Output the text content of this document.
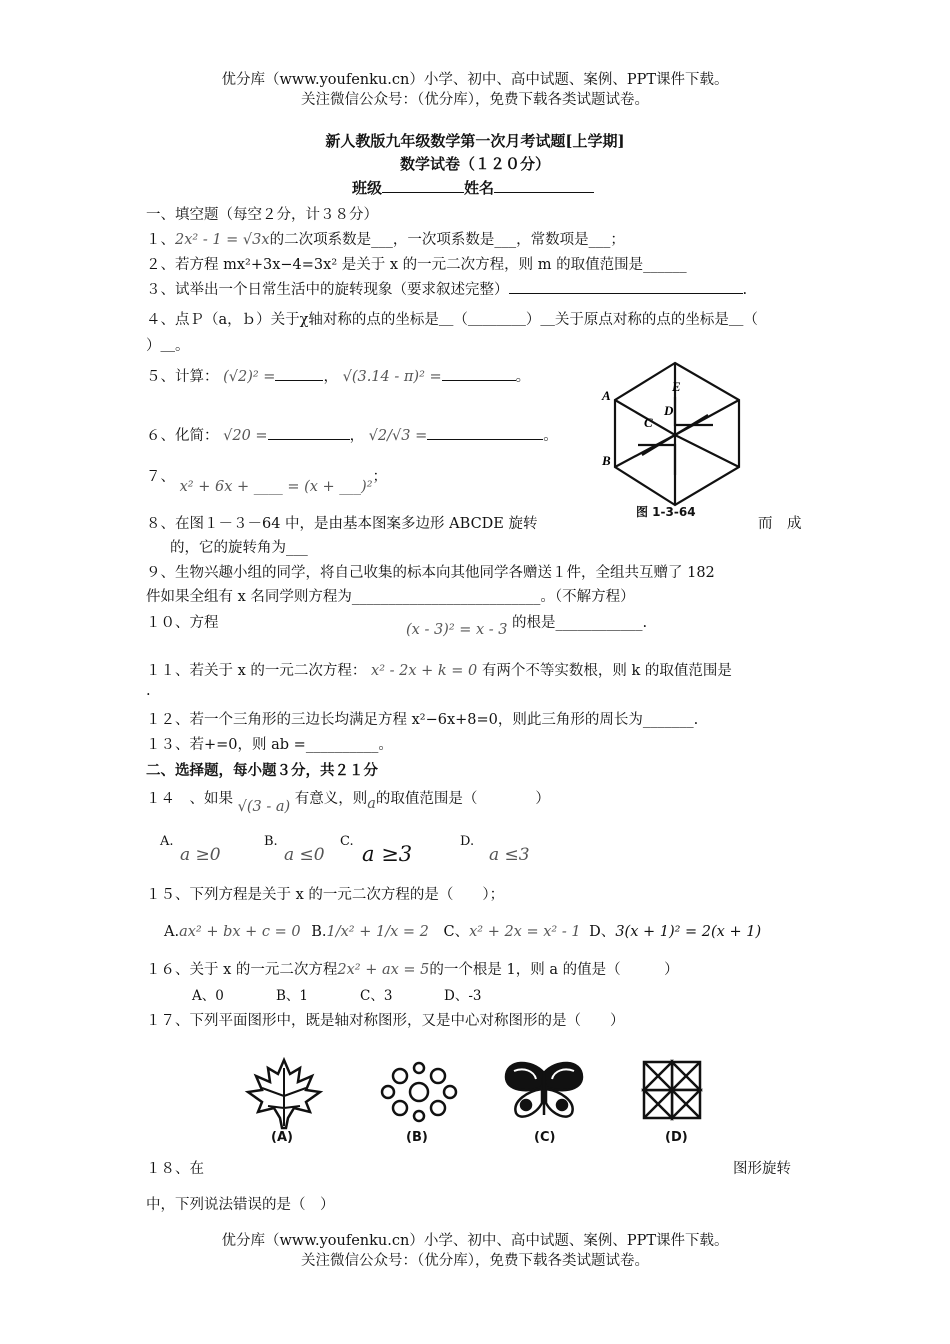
优分库（www.youfenku.cn）小学、初中、高中试题、案例、PPT课件下载。
关注微信公众号：（优分库），免费下载各类试题试卷。
新人教版九年级数学第一次月考试题[上学期]
数学试卷（１２０分）
班级	姓名
一、填空题（每空２分，计３８分）
１、2x² - 1 = √3x的二次项系数是___，一次项系数是___，常数项是___；
２、若方程 mx²+3x−4=3x² 是关于 x 的一元二次方程，则 m 的取值范围是______
３、试举出一个日常生活中的旋转现象（要求叙述完整）	.
４、点Ｐ（a，ｂ）关于χ轴对称的点的坐标是＿（＿＿＿＿）＿关于原点对称的点的坐标是＿（
）＿。
５、计算： (√2)² =	， √(3.14 - π)² =	。
６、化简： √20 =	， √2/√3 =	。
７、 x² + 6x + ____ = (x + ___)²；
A
B
C
D
E
图 1-3-64
８、在图１－３－64 中，是由基本图案多边形 ABCDE 旋转	而　成
的，它的旋转角为___
９、生物兴趣小组的同学，将自己收集的标本向其他同学各赠送１件，全组共互赠了 182
件如果全组有 x 名同学则方程为__________________________。（不解方程）
１０、方程	(x - 3)² = x - 3 的根是____________.
１１、若关于 x 的一元二次方程： x² - 2x + k = 0 有两个不等实数根，则 k 的取值范围是
.
１２、若一个三角形的三边长均满足方程 x²−6x+8=0，则此三角形的周长为_______.
１３、若+=0，则 ab =__________。
二、选择题，每小题３分，共２１分
１４　、如果 √(3 - a) 有意义，则a的取值范围是（　　　　）
A.
a ≥0
B.
a ≤0
C.
a ≥3
D.
a ≤3
１５、下列方程是关于 x 的一元二次方程的是（　　）；
A.ax² + bx + c = 0 B.1/x² + 1/x = 2 C、x² + 2x = x² - 1 D、3(x + 1)² = 2(x + 1)
１６、关于 x 的一元二次方程2x² + ax = 5的一个根是 1，则 a 的值是（　　　）
A、0	B、1	C、3	D、-3
１７、下列平面图形中，既是轴对称图形，又是中心对称图形的是（　　）
(A)	(B)	(C)	(D)
１８、在	图形旋转
中，下列说法错误的是（　）
优分库（www.youfenku.cn）小学、初中、高中试题、案例、PPT课件下载。
关注微信公众号：（优分库），免费下载各类试题试卷。
